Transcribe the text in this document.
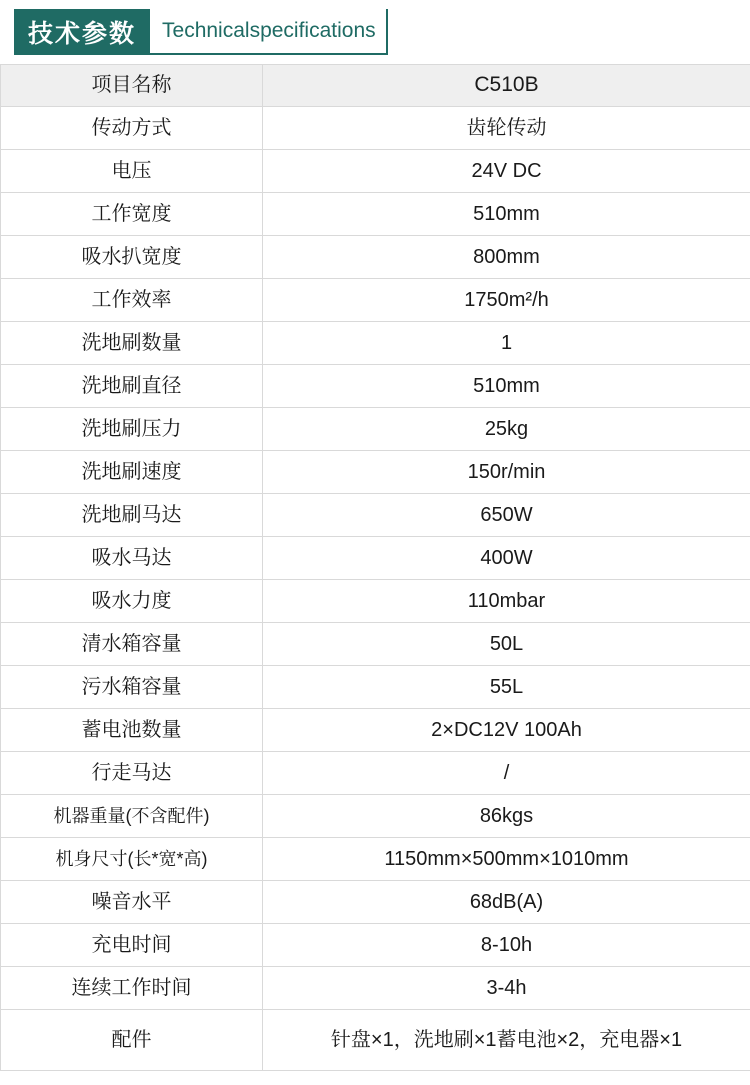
技术参数	Technicalspecifications
项目名称	C510B
传动方式	齿轮传动
电压	24V DC
工作宽度	510mm
吸水扒宽度	800mm
工作效率	1750m²/h
洗地刷数量	1
洗地刷直径	510mm
洗地刷压力	25kg
洗地刷速度	150r/min
洗地刷马达	650W
吸水马达	400W
吸水力度	110mbar
清水箱容量	50L
污水箱容量	55L
蓄电池数量	2×DC12V 100Ah
行走马达	/
机器重量(不含配件)	86kgs
机身尺寸(长*宽*高)	1150mm×500mm×1010mm
噪音水平	68dB(A)
充电时间	8-10h
连续工作时间	3-4h
配件	针盘×1，洗地刷×1蓄电池×2，充电器×1
